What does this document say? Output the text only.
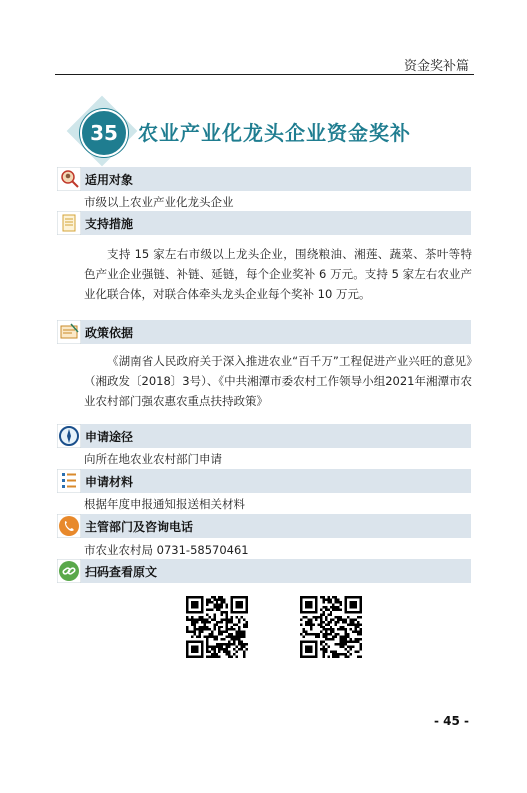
资金奖补篇
35	农业产业化龙头企业资金奖补
适用对象
市级以上农业产业化龙头企业
支持措施
支持 15 家左右市级以上龙头企业，围绕粮油、湘莲、蔬菜、茶叶等特色产业企业强链、补链、延链，每个企业奖补 6 万元。支持 5 家左右农业产业化联合体，对联合体牵头龙头企业每个奖补 10 万元。
政策依据
《湖南省人民政府关于深入推进农业“百千万”工程促进产业兴旺的意见》（湘政发〔2018〕3号）、《中共湘潭市委农村工作领导小组2021年湘潭市农业农村部门强农惠农重点扶持政策》
申请途径
向所在地农业农村部门申请
申请材料
根据年度申报通知报送相关材料
主管部门及咨询电话
市农业农村局 0731-58570461
扫码查看原文
- 45 -
